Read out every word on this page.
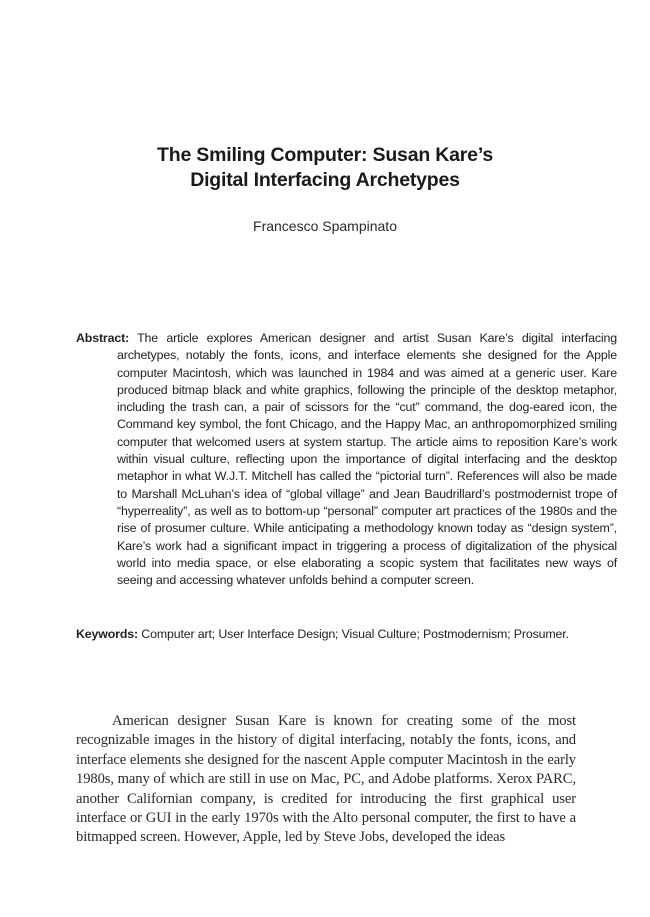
The Smiling Computer: Susan Kare’s
Digital Interfacing Archetypes
Francesco Spampinato
Abstract: The article explores American designer and artist Susan Kare’s digital interfacing archetypes, notably the fonts, icons, and interface elements she designed for the Apple computer Macintosh, which was launched in 1984 and was aimed at a generic user. Kare produced bitmap black and white graphics, following the principle of the desktop metaphor, including the trash can, a pair of scissors for the “cut” command, the dog-eared icon, the Command key symbol, the font Chicago, and the Happy Mac, an anthropomorphized smiling computer that welcomed users at system startup. The article aims to reposition Kare’s work within visual culture, reflecting upon the importance of digital interfacing and the desktop metaphor in what W.J.T. Mitchell has called the “pictorial turn”. References will also be made to Marshall McLuhan’s idea of “global village” and Jean Baudrillard’s postmodernist trope of “hyperreality”, as well as to bottom-up “personal” computer art practices of the 1980s and the rise of prosumer culture. While anticipating a methodology known today as “design system”, Kare’s work had a significant impact in triggering a process of digitalization of the physical world into media space, or else elaborating a scopic system that facilitates new ways of seeing and accessing whatever unfolds behind a computer screen.
Keywords: Computer art; User Interface Design; Visual Culture; Postmodernism; Prosumer.

American designer Susan Kare is known for creating some of the most recognizable images in the history of digital interfacing, notably the fonts, icons, and interface elements she designed for the nascent Apple computer Macintosh in the early 1980s, many of which are still in use on Mac, PC, and Adobe platforms. Xerox PARC, another Californian company, is credited for introducing the first graphical user interface or GUI in the early 1970s with the Alto personal computer, the first to have a bitmapped screen. However, Apple, led by Steve Jobs, developed the ideas
